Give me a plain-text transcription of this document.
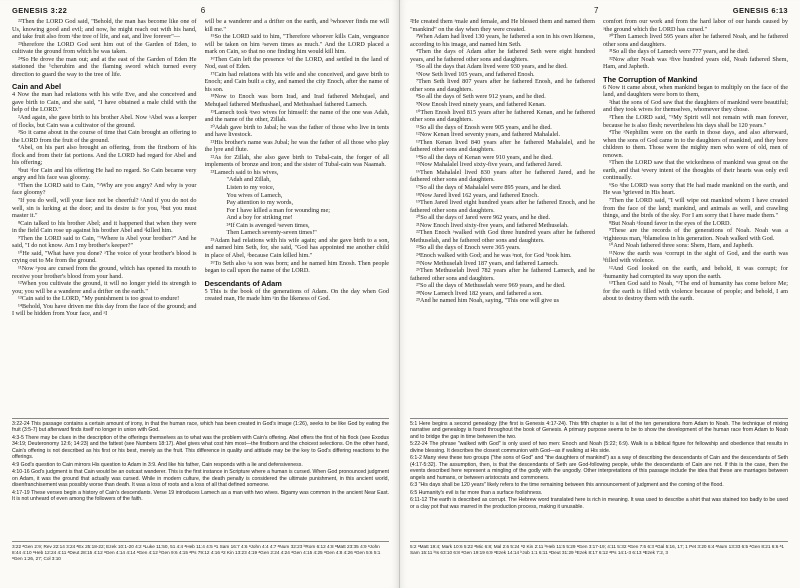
GENESIS 3:22	6

²²Then the LORD God said, "Behold, the man has become like one of Us, knowing good and evil; and now, he might reach out with his hand, and take fruit also from ᵃthe tree of life, and eat, and live forever"—

²³therefore the LORD God sent him out of the Garden of Eden, to cultivate the ground from which he was taken.

²⁴So He drove the man out; and at the east of the Garden of Eden He stationed the ᵇcherubim and the flaming sword which turned every direction to guard the way to the tree of life.

Cain and Abel

4 Now the man had relations with his wife Eve, and she conceived and gave birth to Cain, and she said, "I have obtained a male child with the help of the LORD."

²And again, she gave birth to his brother Abel. Now ᵃAbel was a keeper of flocks, but Cain was a cultivator of the ground.

³So it came about in the course of time that Cain brought an offering to the LORD from the fruit of the ground.

⁴Abel, on his part also brought an offering, from the firstborn of his flock and from their fat portions. And the LORD had regard for Abel and his offering;

⁵but ᵃfor Cain and his offering He had no regard. So Cain became very angry and his face was gloomy.

⁶Then the LORD said to Cain, "ᵃWhy are you angry? And why is your face gloomy?

⁷If you do well, will your face not be cheerful? ᵃAnd if you do not do well, sin is lurking at the door; and its desire is for you, ᵇbut you must master it."

⁸Cain talked to his brother Abel; and it happened that when they were in the field Cain rose up against his brother Abel and ᵃkilled him.

⁹Then the LORD said to Cain, "ᵃWhere is Abel your brother?" And he said, "I do not know. Am I my brother's keeper?"

¹⁰He said, "What have you done? ᵃThe voice of your brother's blood is crying out to Me from the ground.

¹¹Now ᵃyou are cursed from the ground, which has opened its mouth to receive your brother's blood from your hand.

¹²When you cultivate the ground, it will no longer yield its strength to you; you will be a wanderer and a drifter on the earth."

¹³Cain said to the LORD, "My punishment is too great to endure!

¹⁴Behold, You have driven me this day from the face of the ground; and I will be hidden from Your face, and ᵃI

will be a wanderer and a drifter on the earth, and ᵇwhoever finds me will kill me."

¹⁵So the LORD said to him, "Therefore whoever kills Cain, vengeance will be taken on him ᵃseven times as much." And the LORD placed a mark on Cain, so that no one finding him would kill him.

¹⁶Then Cain left the presence ᵃof the LORD, and settled in the land of Nod, east of Eden.

¹⁷Cain had relations with his wife and she conceived, and gave birth to Enoch; and Cain built a city, and named the city Enoch, after the name of his son.

¹⁸Now to Enoch was born Irad, and Irad fathered Mehujael, and Mehujael fathered Methushael, and Methushael fathered Lamech.

¹⁹Lamech took ᵃtwo wives for himself: the name of the one was Adah, and the name of the other, Zillah.

²⁰Adah gave birth to Jabal; he was the father of those who live in tents and have livestock.

²¹His brother's name was Jubal; he was the father of all those who play the lyre and flute.

²²As for Zillah, she also gave birth to Tubal-cain, the forger of all implements of bronze and iron; and the sister of Tubal-cain was Naamah.

²³Lamech said to his wives,

"Adah and Zillah,

Listen to my voice,

You wives of Lamech,

Pay attention to my words,

For I have killed a man for wounding me;

And a boy for striking me!

²⁴If Cain is avenged ᵃseven times,

Then Lamech seventy-seven times!"

²⁵Adam had relations with his wife again; and she gave birth to a son, and named him Seth, for, she said, "God has appointed me another child in place of Abel, ᵃbecause Cain killed him."

²⁶To Seth also ᵃa son was born; and he named him Enosh. Then people began to call upon the name of the LORD.

Descendants of Adam

5 This is the book of the generations of Adam. On the day when God created man, He made him ᵃin the likeness of God.

3:22-24 This passage contains a certain amount of irony, in that the human race, which has been created in God's image (1:26), seeks to be like God by eating the fruit (3:5-7) but afterward finds itself no longer in union with God.

4:3-5 There may be clues in the description of the offerings themselves as to what was the problem with Cain's offering. Abel offers the first of his flock (see Exodus 34:19; Deuteronomy 12:6; 14:23) and the fattest (see Numbers 18:17). Abel gives what cost him most—the firstborn and the choicest selections. On the other hand, Cain's offering is not described as his first or his best, merely as the fruit. This difference in quality and attitude may be the key to God's differing reactions to the offerings.

4:9 God's question to Cain mirrors His question to Adam in 3:9. And like his father, Cain responds with a lie and defensiveness.

4:10-16 God's judgment is that Cain would be an outcast wanderer. This is the first instance in Scripture where a human is cursed. When God pronounced judgment on Adam, it was the ground that actually was cursed. While in modern culture, the death penalty is considered the ultimate punishment, in this ancient world, disenfranchisement was possibly worse than death. It was a loss of roots and a loss of all that defined someone.

4:17-19 These verses begin a history of Cain's descendants. Verse 19 introduces Lamech as a man with two wives. Bigamy was common in the ancient Near East. It is not unheard of even among the followers of the faith.

3:22 ᵃGen 2:9; Rev 22:14 3:24 ᵃEx 25:18-22; Ezek 10:1-20 4:2 ᵃLuke 11:50, 51 4:4 ᵃHeb 11:4 4:5 ᵃ1 Sam 16:7 4:6 ᵃJohn 4:4 4:7 ᵃNum 32:23 ᵇRom 6:12 4:8 ᵃMatt 23:35 4:9 ᵃJohn 8:44 4:10 ᵃHeb 12:24 4:11 ᵃDeut 28:15 4:12 ᵃGen 4:14 4:14 ᵃGen 4:12 ᵇGen 9:6 4:15 ᵃPs 79:12 4:16 ᵃ2 Kin 13:23 4:19 ᵃGen 2:24 4:24 ᵃGen 4:15 4:25 ᵃGen 4:8 4:26 ᵃGen 5:6 5:1 ᵃGen 1:26, 27; Col 3:10
7	GENESIS 6:13

²He created them ᵃmale and female, and He blessed them and named them "mankind" on the day when they were created.

³When Adam had lived 130 years, he fathered a son in his own likeness, according to his image, and named him Seth.

⁴Then the days of Adam after he fathered Seth were eight hundred years, and he fathered other sons and daughters.

⁵So all the days that Adam lived were 930 years, and he died.

⁶Now Seth lived 105 years, and fathered Enosh.

⁷Then Seth lived 807 years after he fathered Enosh, and he fathered other sons and daughters.

⁸So all the days of Seth were 912 years, and he died.

⁹Now Enosh lived ninety years, and fathered Kenan.

¹⁰Then Enosh lived 815 years after he fathered Kenan, and he fathered other sons and daughters.

¹¹So all the days of Enosh were 905 years, and he died.

¹²Now Kenan lived seventy years, and fathered Mahalalel.

¹³Then Kenan lived 840 years after he fathered Mahalalel, and he fathered other sons and daughters.

¹⁴So all the days of Kenan were 910 years, and he died.

¹⁵Now Mahalalel lived sixty-five years, and fathered Jared.

¹⁶Then Mahalalel lived 830 years after he fathered Jared, and he fathered other sons and daughters.

¹⁷So all the days of Mahalalel were 895 years, and he died.

¹⁸Now Jared lived 162 years, and fathered Enoch.

¹⁹Then Jared lived eight hundred years after he fathered Enoch, and he fathered other sons and daughters.

²⁰So all the days of Jared were 962 years, and he died.

²¹Now Enoch lived sixty-five years, and fathered Methuselah.

²²Then Enoch ᵃwalked with God three hundred years after he fathered Methuselah, and he fathered other sons and daughters.

²³So all the days of Enoch were 365 years.

²⁴Enoch walked with God; and he was ᵃnot, for God ᵇtook him.

²⁵Now Methuselah lived 187 years, and fathered Lamech.

²⁶Then Methuselah lived 782 years after he fathered Lamech, and he fathered other sons and daughters.

²⁷So all the days of Methuselah were 969 years, and he died.

²⁸Now Lamech lived 182 years, and fathered a son.

²⁹And he named him Noah, saying, "This one will give us

comfort from our work and from the hard labor of our hands caused by ᵃthe ground which the LORD has cursed."

³⁰Then Lamech lived 595 years after he fathered Noah, and he fathered other sons and daughters.

³¹So all the days of Lamech were 777 years, and he died.

³²Now after Noah was ᵃfive hundred years old, Noah fathered Shem, Ham, and Japheth.

The Corruption of Mankind

6 Now it came about, when mankind began to multiply on the face of the land, and daughters were born to them,

²that the sons of God saw that the daughters of mankind were beautiful; and they took wives for themselves, whomever they chose.

³Then the LORD said, "ᵃMy Spirit will not remain with man forever, because he is also flesh; nevertheless his days shall be 120 years."

⁴The ᵃNephilim were on the earth in those days, and also afterward, when the sons of God came in to the daughters of mankind, and they bore children to them. Those were the mighty men who were of old, men of renown.

⁵Then the LORD saw that the wickedness of mankind was great on the earth, and that ᵃevery intent of the thoughts of their hearts was only evil continually.

⁶So ᵃthe LORD was sorry that He had made mankind on the earth, and He was ᵇgrieved in His heart.

⁷Then the LORD said, "I will wipe out mankind whom I have created from the face of the land; mankind, and animals as well, and crawling things, and the birds of the sky. For I am sorry that I have made them."

⁸But Noah ᵃfound favor in the eyes of the LORD.

⁹These are the records of the generations of Noah. Noah was a ᵃrighteous man, ᵇblameless in his generation. Noah walked with God.

¹⁰And Noah fathered three sons: Shem, Ham, and Japheth.

¹¹Now the earth was ᵃcorrupt in the sight of God, and the earth was ᵇfilled with violence.

¹²And God looked on the earth, and behold, it was corrupt; for ᵃhumanity had corrupted its way upon the earth.

¹³Then God said to Noah, "ᵃThe end of humanity has come before Me; for the earth is filled with violence because of people; and behold, I am about to destroy them with the earth.

5:1 Here begins a second genealogy (the first is Genesis 4:17-24). This fifth chapter is a list of the ten generations from Adam to Noah. The technique of mixing narrative and genealogy is found throughout the book of Genesis. A primary purpose seems to be to show the development of the human race from Adam to Noah and to bridge the gap in time between the two.

5:22-24 The phrase "walked with God" is only used of two men: Enoch and Noah (5:22; 6:9). Walk is a biblical figure for fellowship and obedience that results in divine blessing. It describes the closest communion with God—as if walking at His side.

6:1-2 Many view these two groups ("the sons of God" and "the daughters of mankind") as a way of describing the descendants of Cain and the descendants of Seth (4:17-5:32). The assumption, then, is that the descendants of Seth are God-following people, while the descendants of Cain are not. If this is the case, then the events described here represent a mingling of the godly with the ungodly. Other interpretations of this passage include the idea that these are marriages between angels and humans, or between aristocrats and commoners.

6:3 "His days shall be 120 years" likely refers to the time remaining between this announcement of judgment and the coming of the flood.

6:5 Humanity's evil is far more than a surface foolishness.

6:11-12 The earth is described as corrupt. The Hebrew word translated here is rich in meaning. It was used to describe a shirt that was stained too badly to be used or a clay pot that was marred in the production process, making it unusable.

5:2 ᵃMatt 19:4; Mark 10:6 5:22 ᵃMic 6:8; Mal 2:6 5:24 ᵃ2 Kin 2:11 ᵇHeb 11:5 5:29 ᵃGen 3:17-19; 4:11 5:32 ᵃGen 7:6 6:3 ᵃGal 5:16, 17; 1 Pet 3:20 6:4 ᵃNum 13:33 6:5 ᵃGen 8:21 6:6 ᵃ1 Sam 15:11 ᵇIs 63:10 6:8 ᵃGen 19:19 6:9 ᵃEzek 14:14 ᵇJob 1:1 6:11 ᵃDeut 31:29 ᵇEzek 8:17 6:12 ᵃPs 14:1-3 6:13 ᵃEzek 7:2, 3
